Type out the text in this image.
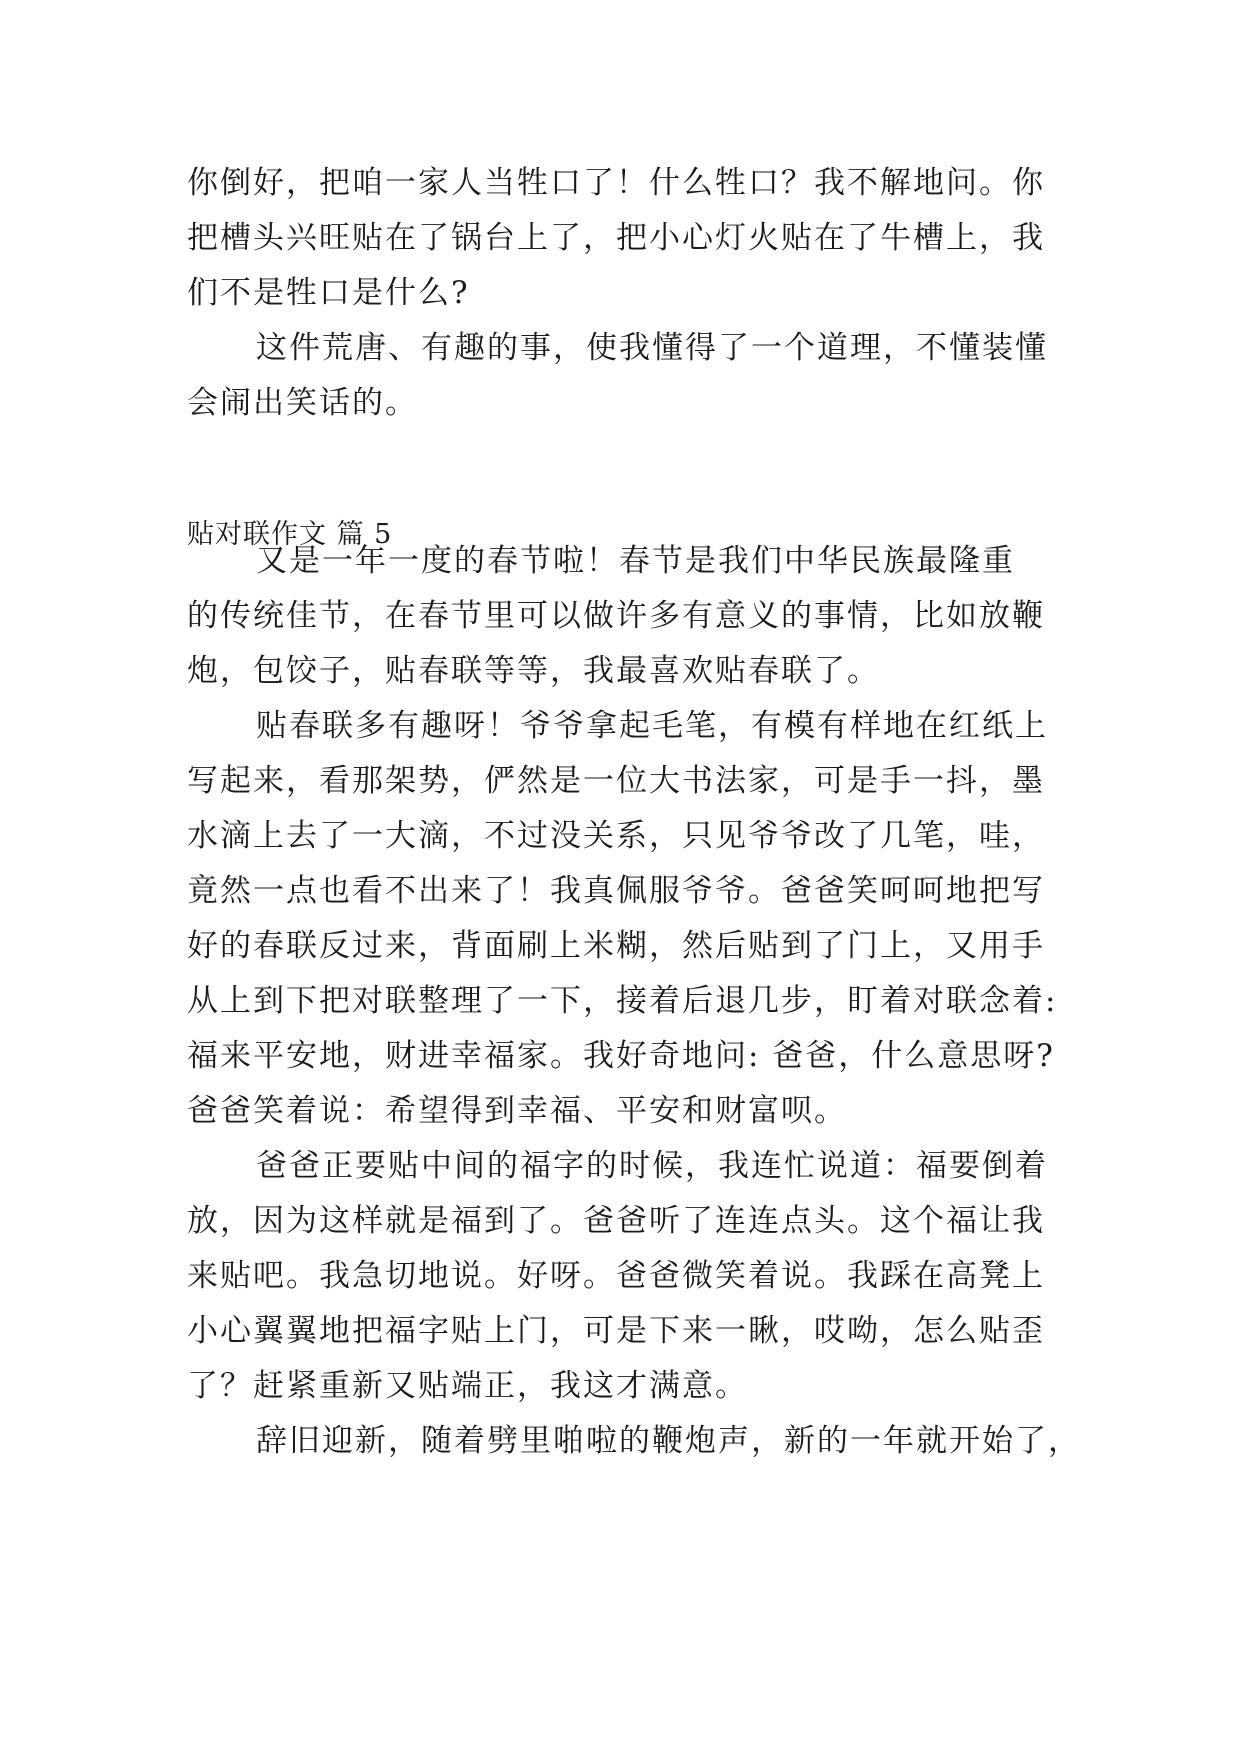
你倒好，把咱一家人当牲口了！什么牲口？我不解地问。你
把槽头兴旺贴在了锅台上了，把小心灯火贴在了牛槽上，我
们不是牲口是什么?
这件荒唐、有趣的事，使我懂得了一个道理，不懂装懂
会闹出笑话的。
贴对联作文 篇 5
又是一年一度的春节啦！春节是我们中华民族最隆重
的传统佳节，在春节里可以做许多有意义的事情，比如放鞭
炮，包饺子，贴春联等等，我最喜欢贴春联了。
贴春联多有趣呀！爷爷拿起毛笔，有模有样地在红纸上
写起来，看那架势，俨然是一位大书法家，可是手一抖，墨
水滴上去了一大滴，不过没关系，只见爷爷改了几笔，哇，
竟然一点也看不出来了！我真佩服爷爷。爸爸笑呵呵地把写
好的春联反过来，背面刷上米糊，然后贴到了门上，又用手
从上到下把对联整理了一下，接着后退几步，盯着对联念着:
福来平安地，财进幸福家。我好奇地问: 爸爸，什么意思呀?
爸爸笑着说：希望得到幸福、平安和财富呗。
爸爸正要贴中间的福字的时候，我连忙说道：福要倒着
放，因为这样就是福到了。爸爸听了连连点头。这个福让我
来贴吧。我急切地说。好呀。爸爸微笑着说。我踩在高凳上
小心翼翼地把福字贴上门，可是下来一瞅，哎呦，怎么贴歪
了？赶紧重新又贴端正，我这才满意。
辞旧迎新，随着劈里啪啦的鞭炮声，新的一年就开始了，
